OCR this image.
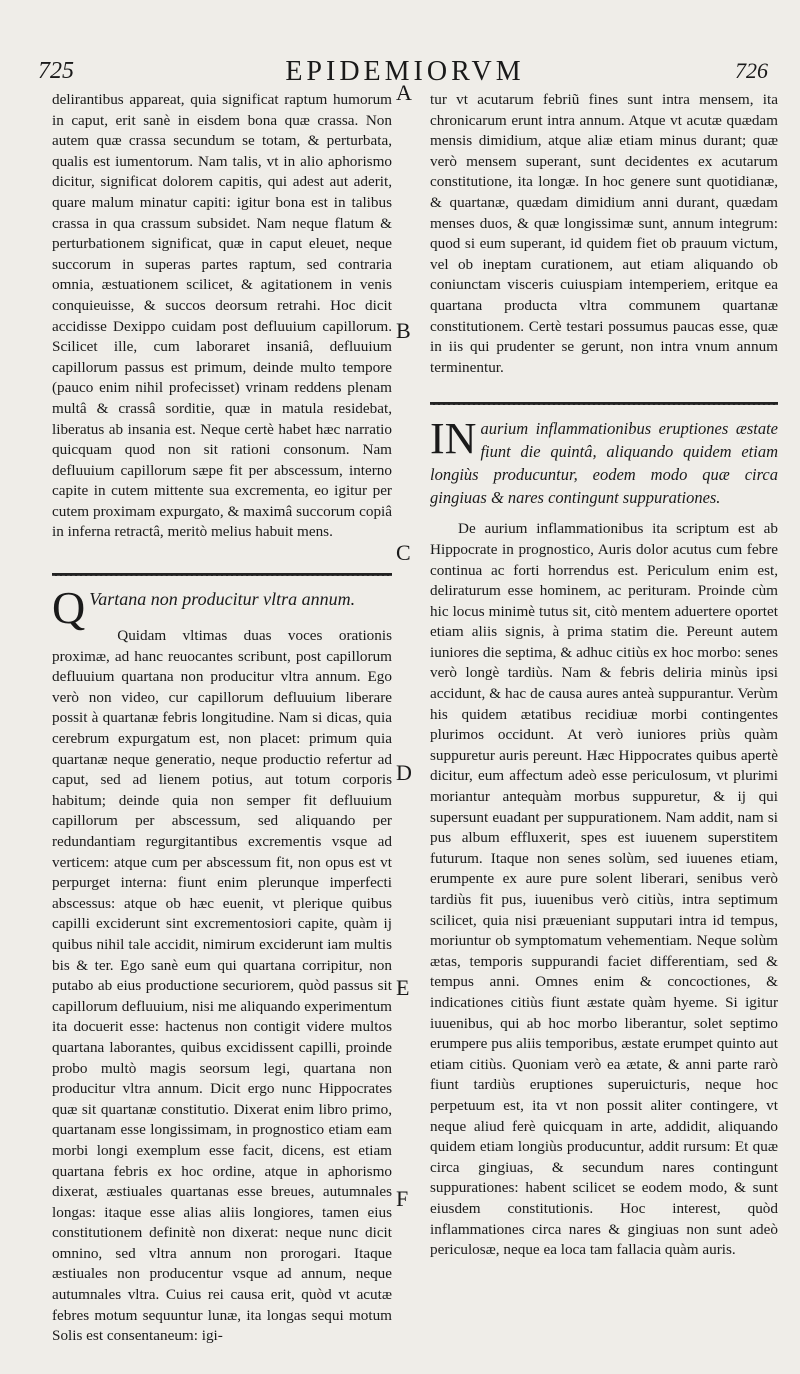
725	EPIDEMIORVM	726
A
B
C
D
E
F

delirantibus appareat, quia significat raptum humorum in caput, erit sanè in eisdem bona quæ crassa. Non autem quæ crassa secundum se totam, & perturbata, qualis est iumentorum. Nam talis, vt in alio aphorismo dicitur, significat dolorem capitis, qui adest aut aderit, quare malum minatur capiti: igitur bona est in talibus crassa in qua crassum subsidet. Nam neque flatum & perturbationem significat, quæ in caput eleuet, neque succorum in superas partes raptum, sed contraria omnia, æstuationem scilicet, & agitationem in venis conquieuisse, & succos deorsum retrahi. Hoc dicit accidisse Dexippo cuidam post defluuium capillorum. Scilicet ille, cum laboraret insaniâ, defluuium capillorum passus est primum, deinde multo tempore (pauco enim nihil profecisset) vrinam reddens plenam multâ & crassâ sorditie, quæ in matula residebat, liberatus ab insania est. Neque certè habet hæc narratio quicquam quod non sit rationi consonum. Nam defluuium capillorum sæpe fit per abscessum, interno capite in cutem mittente sua excrementa, eo igitur per cutem proximam expurgato, & maximâ succorum copiâ in inferna retractâ, meritò melius habuit mens.

Q Vartana non producitur vltra annum.

Quidam vltimas duas voces orationis proximæ, ad hanc reuocantes scribunt, post capillorum defluuium quartana non producitur vltra annum. Ego verò non video, cur capillorum defluuium liberare possit à quartanæ febris longitudine. Nam si dicas, quia cerebrum expurgatum est, non placet: primum quia quartanæ neque generatio, neque productio refertur ad caput, sed ad lienem potius, aut totum corporis habitum; deinde quia non semper fit defluuium capillorum per abscessum, sed aliquando per redundantiam regurgitantibus excrementis vsque ad verticem: atque cum per abscessum fit, non opus est vt perpurget interna: fiunt enim plerunque imperfecti abscessus: atque ob hæc euenit, vt plerique quibus capilli exciderunt sint excrementosiori capite, quàm ij quibus nihil tale accidit, nimirum exciderunt iam multis bis & ter. Ego sanè eum qui quartana corripitur, non putabo ab eius productione securiorem, quòd passus sit capillorum defluuium, nisi me aliquando experimentum ita docuerit esse: hactenus non contigit videre multos quartana laborantes, quibus excidissent capilli, proinde probo multò magis seorsum legi, quartana non producitur vltra annum. Dicit ergo nunc Hippocrates quæ sit quartanæ constitutio. Dixerat enim libro primo, quartanam esse longissimam, in prognostico etiam eam morbi longi exemplum esse facit, dicens, est etiam quartana febris ex hoc ordine, atque in aphorismo dixerat, æstiuales quartanas esse breues, autumnales longas: itaque esse alias aliis longiores, tamen eius constitutionem definitè non dixerat: neque nunc dicit omnino, sed vltra annum non prorogari. Itaque æstiuales non producentur vsque ad annum, neque autumnales vltra. Cuius rei causa erit, quòd vt acutæ febres motum sequuntur lunæ, ita longas sequi motum Solis est consentaneum: igi-

tur vt acutarum febriũ fines sunt intra mensem, ita chronicarum erunt intra annum. Atque vt acutæ quædam mensis dimidium, atque aliæ etiam minus durant; quæ verò mensem superant, sunt decidentes ex acutarum constitutione, ita longæ. In hoc genere sunt quotidianæ, & quartanæ, quædam dimidium anni durant, quædam menses duos, & quæ longissimæ sunt, annum integrum: quod si eum superant, id quidem fiet ob prauum victum, vel ob ineptam curationem, aut etiam aliquando ob coniunctam visceris cuiuspiam intemperiem, eritque ea quartana producta vltra communem quartanæ constitutionem. Certè testari possumus paucas esse, quæ in iis qui prudenter se gerunt, non intra vnum annum terminentur.

IN aurium inflammationibus eruptiones æstate fiunt die quintâ, aliquando quidem etiam longiùs producuntur, eodem modo quæ circa gingiuas & nares contingunt suppurationes.

De aurium inflammationibus ita scriptum est ab Hippocrate in prognostico, Auris dolor acutus cum febre continua ac forti horrendus est. Periculum enim est, deliraturum esse hominem, ac perituram. Proinde cùm hic locus minimè tutus sit, citò mentem aduertere oportet etiam aliis signis, à prima statim die. Pereunt autem iuniores die septima, & adhuc citiùs ex hoc morbo: senes verò longè tardiùs. Nam & febris deliria minùs ipsi accidunt, & hac de causa aures anteà suppurantur. Verùm his quidem ætatibus recidiuæ morbi contingentes plurimos occidunt. At verò iuniores priùs quàm suppuretur auris pereunt. Hæc Hippocrates quibus apertè dicitur, eum affectum adeò esse periculosum, vt plurimi moriantur antequàm morbus suppuretur, & ij qui supersunt euadant per suppurationem. Nam addit, nam si pus album effluxerit, spes est iuuenem superstitem futurum. Itaque non senes solùm, sed iuuenes etiam, erumpente ex aure pure solent liberari, senibus verò tardiùs fit pus, iuuenibus verò citiùs, intra septimum scilicet, quia nisi præueniant supputari intra id tempus, moriuntur ob symptomatum vehementiam. Neque solùm ætas, temporis suppurandi faciet differentiam, sed & tempus anni. Omnes enim & concoctiones, & indicationes citiùs fiunt æstate quàm hyeme. Si igitur iuuenibus, qui ab hoc morbo liberantur, solet septimo erumpere pus aliis temporibus, æstate erumpet quinto aut etiam citiùs. Quoniam verò ea ætate, & anni parte rarò fiunt tardiùs eruptiones superuicturis, neque hoc perpetuum est, ita vt non possit aliter contingere, vt neque aliud ferè quicquam in arte, addidit, aliquando quidem etiam longiùs producuntur, addit rursum: Et quæ circa gingiuas, & secundum nares contingunt suppurationes: habent scilicet se eodem modo, & sunt eiusdem constitutionis. Hoc interest, quòd inflammationes circa nares & gingiuas non sunt adeò periculosæ, neque ea loca tam fallacia quàm auris.
